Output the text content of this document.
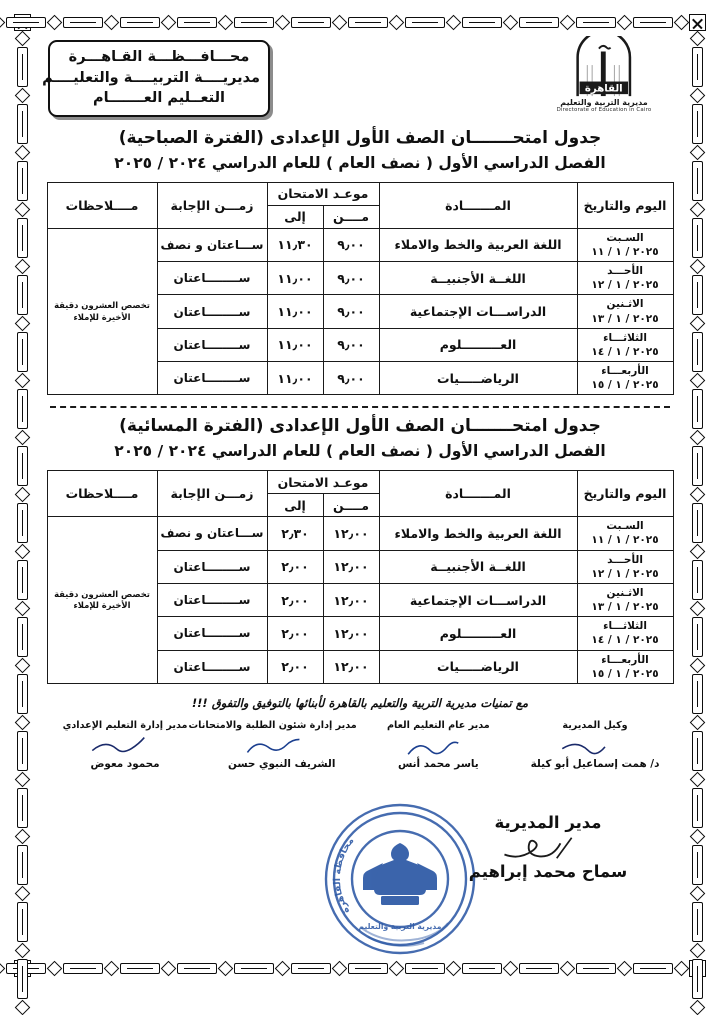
محـــافـــظـــة القـاهـــرة
مديريــــة التربيــــة والتعليــــم
التعــليم العـــــــام
القاهرة
مديرية التربية والتعليم
Directorate of Education in Cairo
جدول امتحـــــــان الصف الأول الإعدادى (الفترة الصباحية)
الفصل الدراسي الأول ( نصف العام ) للعام الدراسي ٢٠٢٤ / ٢٠٢٥
اليوم والتاريخ	المـــــــادة	موعـد الامتحان		زمـــن الإجابة	مــــلاحظات
		مــــن	إلى		

السـبت
٢٠٢٥ / ١ / ١١	اللغة العربية والخط والاملاء	٩٫٠٠	١١٫٣٠	ســـاعتان و نصف	تخصص العشرون دقيقة الأخيرة للإملاء

الأحـــد
٢٠٢٥ / ١ / ١٢	اللغــة الأجنبيــة	٩٫٠٠	١١٫٠٠	ســــــــاعتان	

الاثـنين
٢٠٢٥ / ١ / ١٣	الدراســـات الإجتماعية	٩٫٠٠	١١٫٠٠	ســــــــاعتان	

الثلاثـــاء
٢٠٢٥ / ١ / ١٤	العـــــــــلوم	٩٫٠٠	١١٫٠٠	ســــــــاعتان	

الأربعـــاء
٢٠٢٥ / ١ / ١٥	الرياضـــــيات	٩٫٠٠	١١٫٠٠	ســــــــاعتان	
جدول امتحـــــــان الصف الأول الإعدادى (الفترة المسائية)
الفصل الدراسي الأول ( نصف العام ) للعام الدراسي ٢٠٢٤ / ٢٠٢٥
اليوم والتاريخ	المـــــــادة	موعـد الامتحان		زمـــن الإجابة	مــــلاحظات
		مــــن	إلى		

السـبت
٢٠٢٥ / ١ / ١١	اللغة العربية والخط والاملاء	١٢٫٠٠	٢٫٣٠	ســـاعتان و نصف	تخصص العشرون دقيقة الأخيرة للإملاء

الأحـــد
٢٠٢٥ / ١ / ١٢	اللغــة الأجنبيــة	١٢٫٠٠	٢٫٠٠	ســــــــاعتان	

الاثـنين
٢٠٢٥ / ١ / ١٣	الدراســـات الإجتماعية	١٢٫٠٠	٢٫٠٠	ســــــــاعتان	

الثلاثـــاء
٢٠٢٥ / ١ / ١٤	العـــــــــلوم	١٢٫٠٠	٢٫٠٠	ســــــــاعتان	

الأربعـــاء
٢٠٢٥ / ١ / ١٥	الرياضـــــيات	١٢٫٠٠	٢٫٠٠	ســــــــاعتان	
مع تمنيات مديرية التربية والتعليم بالقاهرة لأبنائها بالتوفيق والتفوق !!!
مدير إدارة التعليم الإعدادي
محمود معوض
مدير إدارة شئون الطلبة والامتحانات
الشريف النبوي حسن
مدير عام التعليم العام
ياسر محمد أنس
وكيل المديرية
د/ همت إسماعيل أبو كيلة
محافظة القاهرة
مديرية التربية والتعليم
مدير المديرية
سماح محمد إبراهيم
